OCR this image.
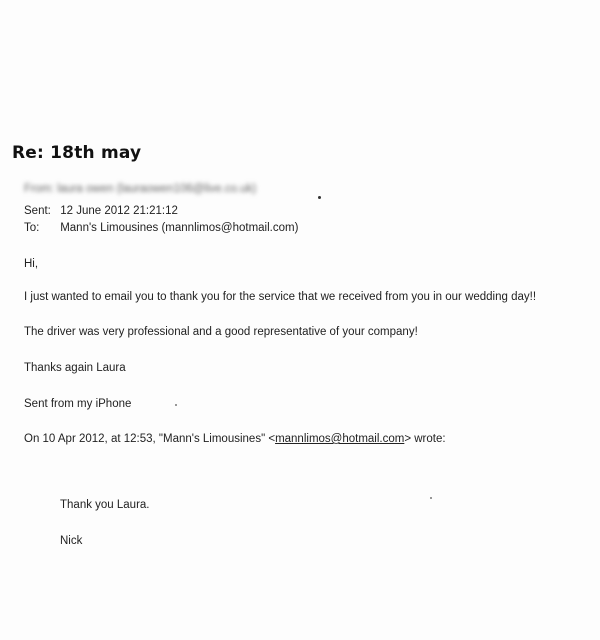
Re: 18th may
From: laura owen (lauraowen106@live.co.uk)
Sent: 12 June 2012 21:21:12
To: Mann's Limousines (mannlimos@hotmail.com)
Hi,
I just wanted to email you to thank you for the service that we received from you in our wedding day!!
The driver was very professional and a good representative of your company!
Thanks again Laura
Sent from my iPhone
On 10 Apr 2012, at 12:53, "Mann's Limousines" <mannlimos@hotmail.com> wrote:
Thank you Laura.
Nick
